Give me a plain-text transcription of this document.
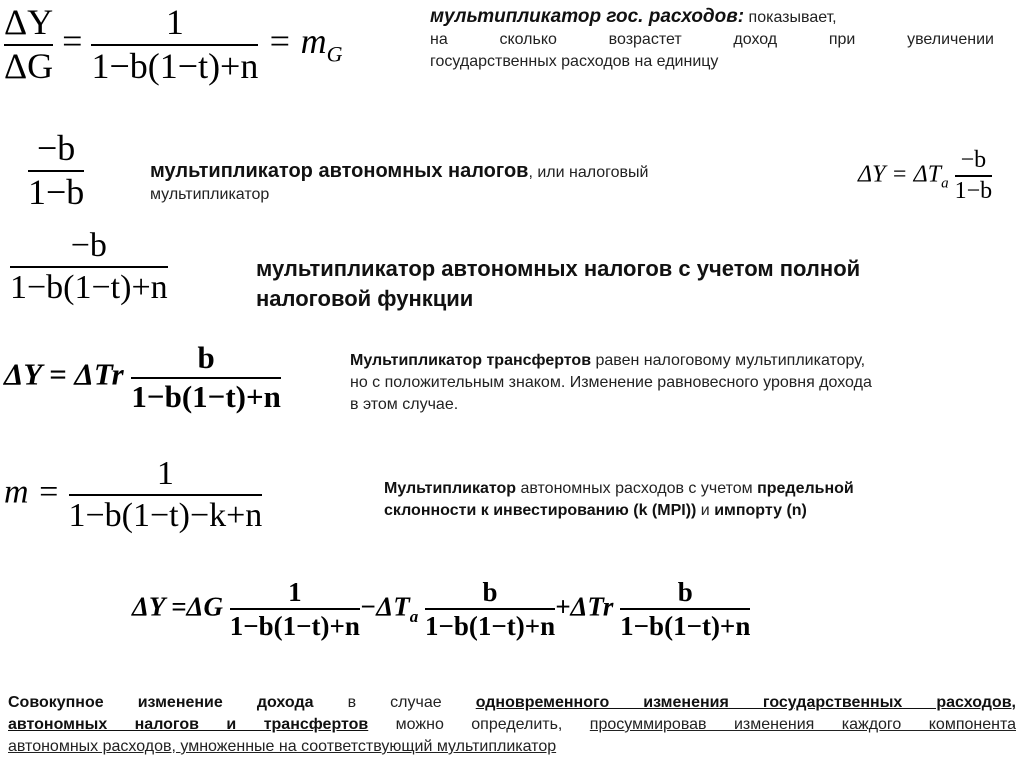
$\frac{\Delta Y}{\Delta G} = \frac{1}{1-b(1-t)+n} = m_G$
мультипликатор гос. расходов: показывает,
на сколько возрастет доход при увеличении
государственных расходов на единицу
$\frac{-b}{1-b}$	мультипликатор автономных налогов, или налоговый
мультипликатор
$\Delta Y = \Delta T_a \frac{-b}{1-b}$
$\frac{-b}{1-b(1-t)+n}$	мультипликатор автономных налогов с учетом полной
налоговой функции
ΔY = ΔTr $\frac{b}{1-b(1-t)+n}$	Мультипликатор трансфертов равен налоговому мультипликатору,
но с положительным знаком. Изменение равновесного уровня дохода
в этом случае.
$m = \frac{1}{1-b(1-t)-k+n}$	Мультипликатор автономных расходов с учетом предельной
склонности к инвестированию (k (MPI)) и импорту (n)
$\Delta Y =\Delta G \frac{1}{1-b(1-t)+n} -\Delta T_a \frac{b}{1-b(1-t)+n} +\Delta Tr \frac{b}{1-b(1-t)+n}$
Совокупное изменение дохода в случае одновременного изменения государственных расходов,
автономных налогов и трансфертов можно определить, просуммировав изменения каждого компонента
автономных расходов, умноженные на соответствующий мультипликатор
